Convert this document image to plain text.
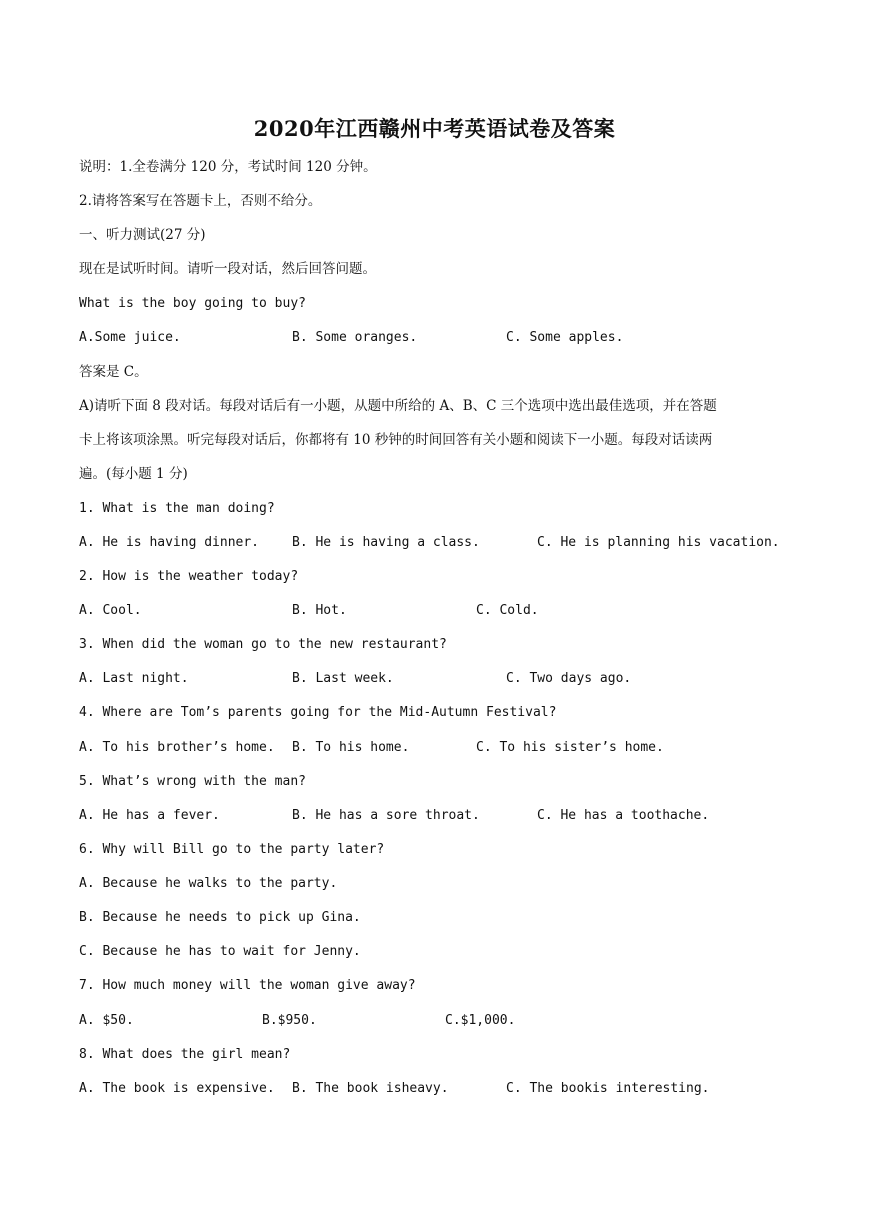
2020年江西赣州中考英语试卷及答案
说明：1.全卷满分 120 分，考试时间 120 分钟。
2.请将答案写在答题卡上，否则不给分。
一、听力测试(27 分)
现在是试听时间。请听一段对话，然后回答问题。
What is the boy going to buy?
A.Some juice.	B. Some oranges.	C. Some apples.
答案是 C。
A)请听下面 8 段对话。每段对话后有一小题，从题中所给的 A、B、C 三个选项中选出最佳选项，并在答题
卡上将该项涂黑。听完每段对话后，你都将有 10 秒钟的时间回答有关小题和阅读下一小题。每段对话读两
遍。(每小题 1 分)
1. What is the man doing?
A. He is having dinner.	B. He is having a class.	C. He is planning his vacation.
2. How is the weather today?
A. Cool.	B. Hot.	C. Cold.
3. When did the woman go to the new restaurant?
A. Last night.	B. Last week.	C. Two days ago.
4. Where are Tom’s parents going for the Mid-Autumn Festival?
A. To his brother’s home. B. To his home.	C. To his sister’s home.
5. What’s wrong with the man?
A. He has a fever.	B. He has a sore throat.	C. He has a toothache.
6. Why will Bill go to the party later?
A. Because he walks to the party.
B. Because he needs to pick up Gina.
C. Because he has to wait for Jenny.
7. How much money will the woman give away?
A. $50.	B.$950.	C.$1,000.
8. What does the girl mean?
A. The book is expensive. B. The book isheavy.	C. The bookis interesting.
